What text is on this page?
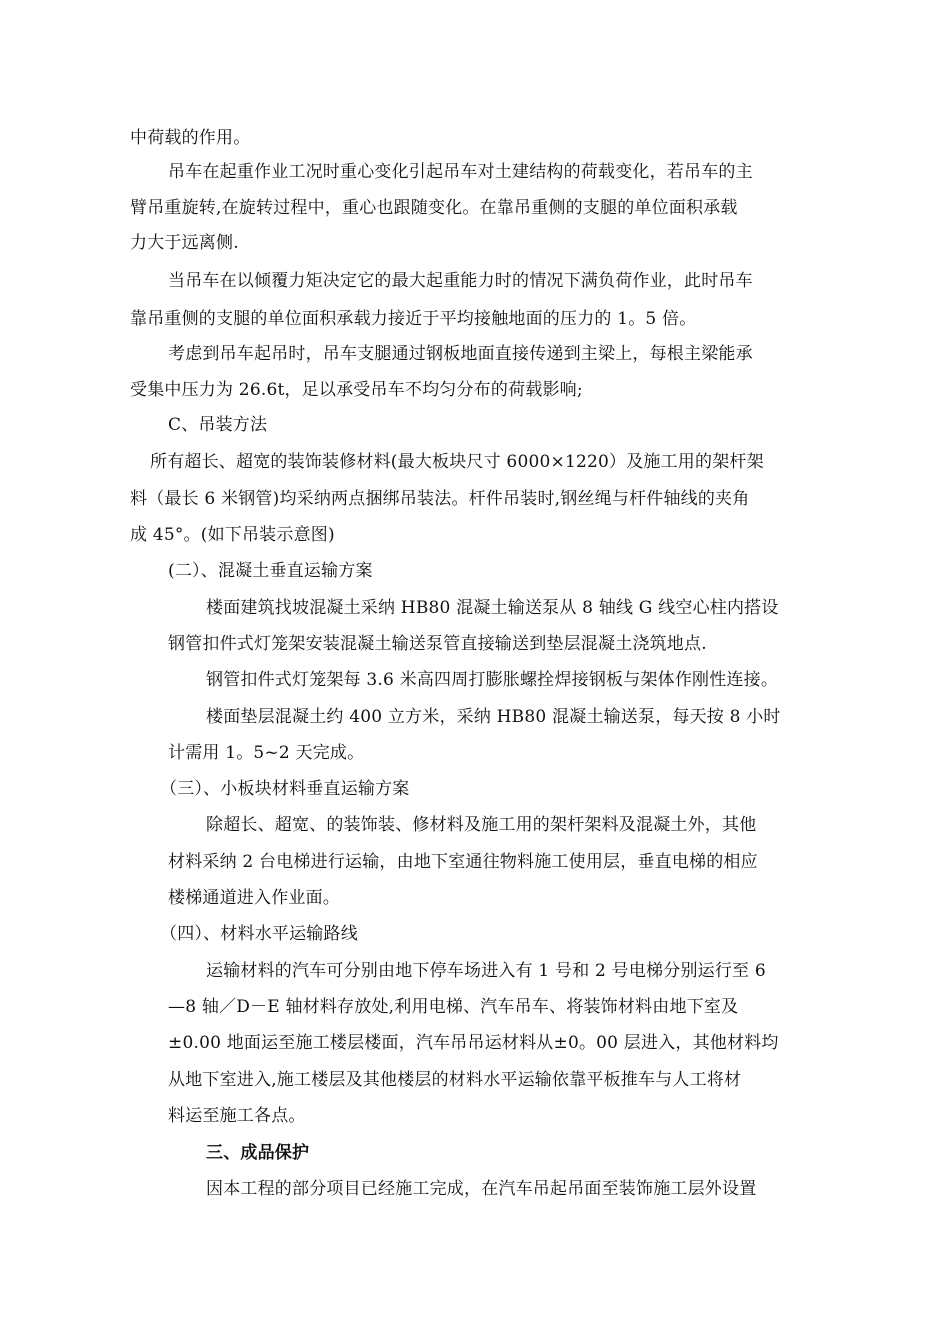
中荷载的作用。
吊车在起重作业工况时重心变化引起吊车对土建结构的荷载变化，若吊车的主
臂吊重旋转,在旋转过程中，重心也跟随变化。在靠吊重侧的支腿的单位面积承载
力大于远离侧.
当吊车在以倾覆力矩决定它的最大起重能力时的情况下满负荷作业，此时吊车
靠吊重侧的支腿的单位面积承载力接近于平均接触地面的压力的 1。5 倍。
考虑到吊车起吊时，吊车支腿通过钢板地面直接传递到主梁上，每根主梁能承
受集中压力为 26.6t，足以承受吊车不均匀分布的荷载影响;
C、吊装方法
所有超长、超宽的装饰装修材料(最大板块尺寸 6000×1220）及施工用的架杆架
料（最长 6 米钢管)均采纳两点捆绑吊装法。杆件吊装时,钢丝绳与杆件轴线的夹角
成 45°。(如下吊装示意图)
(二）、混凝土垂直运输方案
楼面建筑找坡混凝土采纳 HB80 混凝土输送泵从 8 轴线 G 线空心柱内搭设
钢管扣件式灯笼架安装混凝土输送泵管直接输送到垫层混凝土浇筑地点.
钢管扣件式灯笼架每 3.6 米高四周打膨胀螺拴焊接钢板与架体作刚性连接。
楼面垫层混凝土约 400 立方米，采纳 HB80 混凝土输送泵，每天按 8 小时
计需用 1。5~2 天完成。
（三）、小板块材料垂直运输方案
除超长、超宽、的装饰装、修材料及施工用的架杆架料及混凝土外，其他
材料采纳 2 台电梯进行运输，由地下室通往物料施工使用层，垂直电梯的相应
楼梯通道进入作业面。
（四）、材料水平运输路线
运输材料的汽车可分别由地下停车场进入有 1 号和 2 号电梯分别运行至 6
—8 轴／D－E 轴材料存放处,利用电梯、汽车吊车、将装饰材料由地下室及
±0.00 地面运至施工楼层楼面，汽车吊吊运材料从±0。00 层进入，其他材料均
从地下室进入,施工楼层及其他楼层的材料水平运输依靠平板推车与人工将材
料运至施工各点。
三、成品保护
因本工程的部分项目已经施工完成，在汽车吊起吊面至装饰施工层外设置
